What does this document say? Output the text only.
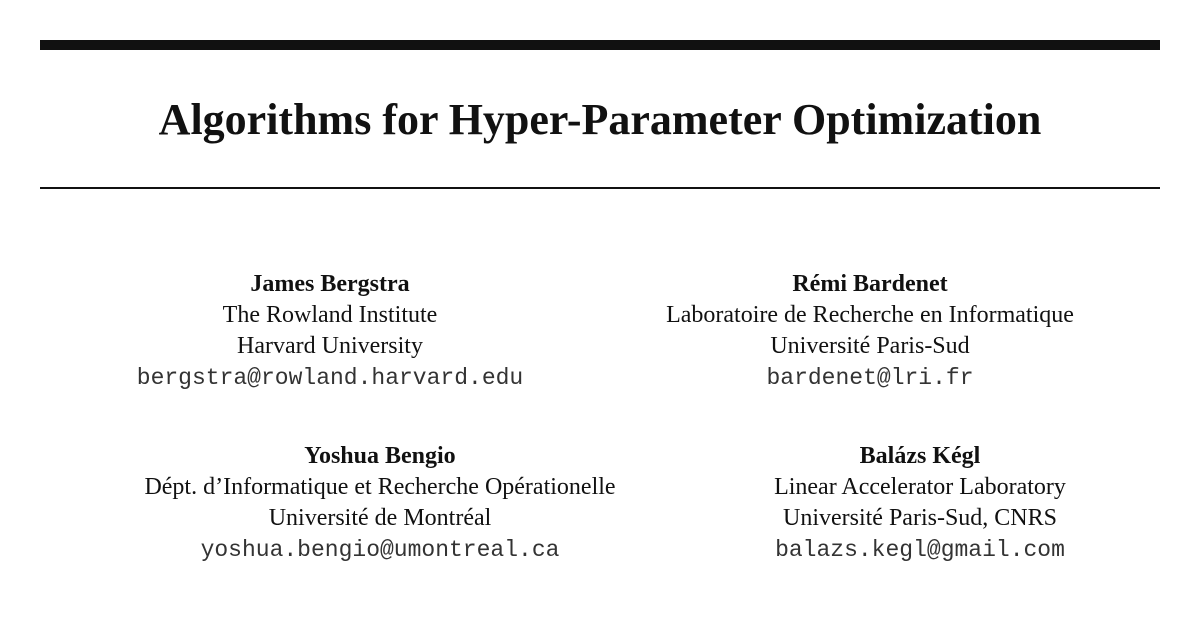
Algorithms for Hyper-Parameter Optimization
James Bergstra
The Rowland Institute
Harvard University
bergstra@rowland.harvard.edu
Rémi Bardenet
Laboratoire de Recherche en Informatique
Université Paris-Sud
bardenet@lri.fr
Yoshua Bengio
Dépt. d’Informatique et Recherche Opérationelle
Université de Montréal
yoshua.bengio@umontreal.ca
Balázs Kégl
Linear Accelerator Laboratory
Université Paris-Sud, CNRS
balazs.kegl@gmail.com
